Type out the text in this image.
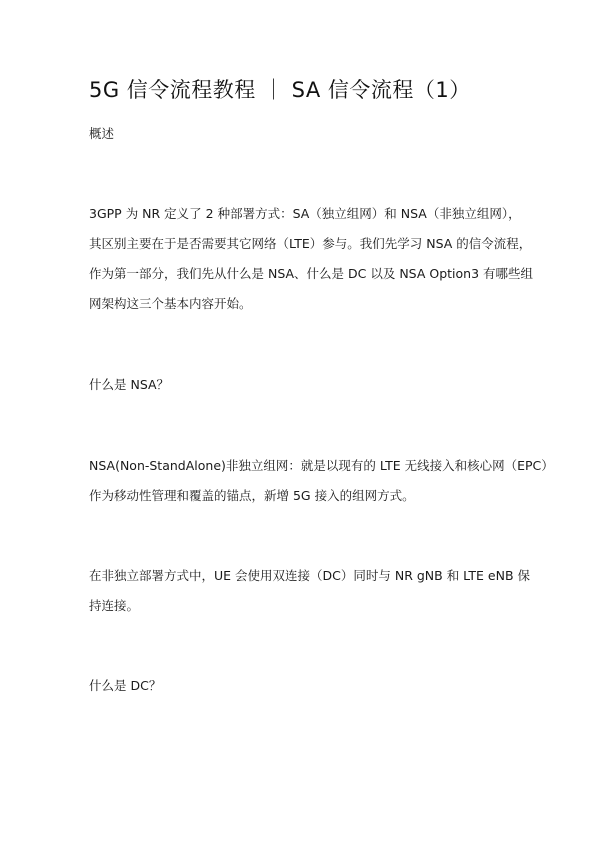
5G 信令流程教程 ｜ SA 信令流程（1）

概述

3GPP 为 NR 定义了 2 种部署方式：SA（独立组网）和 NSA（非独立组网），
其区别主要在于是否需要其它网络（LTE）参与。我们先学习 NSA 的信令流程，
作为第一部分，我们先从什么是 NSA、什么是 DC 以及 NSA Option3 有哪些组
网架构这三个基本内容开始。

什么是 NSA？

NSA(Non-StandAlone)非独立组网：就是以现有的 LTE 无线接入和核心网（EPC）
作为移动性管理和覆盖的锚点，新增 5G 接入的组网方式。
在非独立部署方式中，UE 会使用双连接（DC）同时与 NR gNB 和 LTE eNB 保
持连接。

什么是 DC？
